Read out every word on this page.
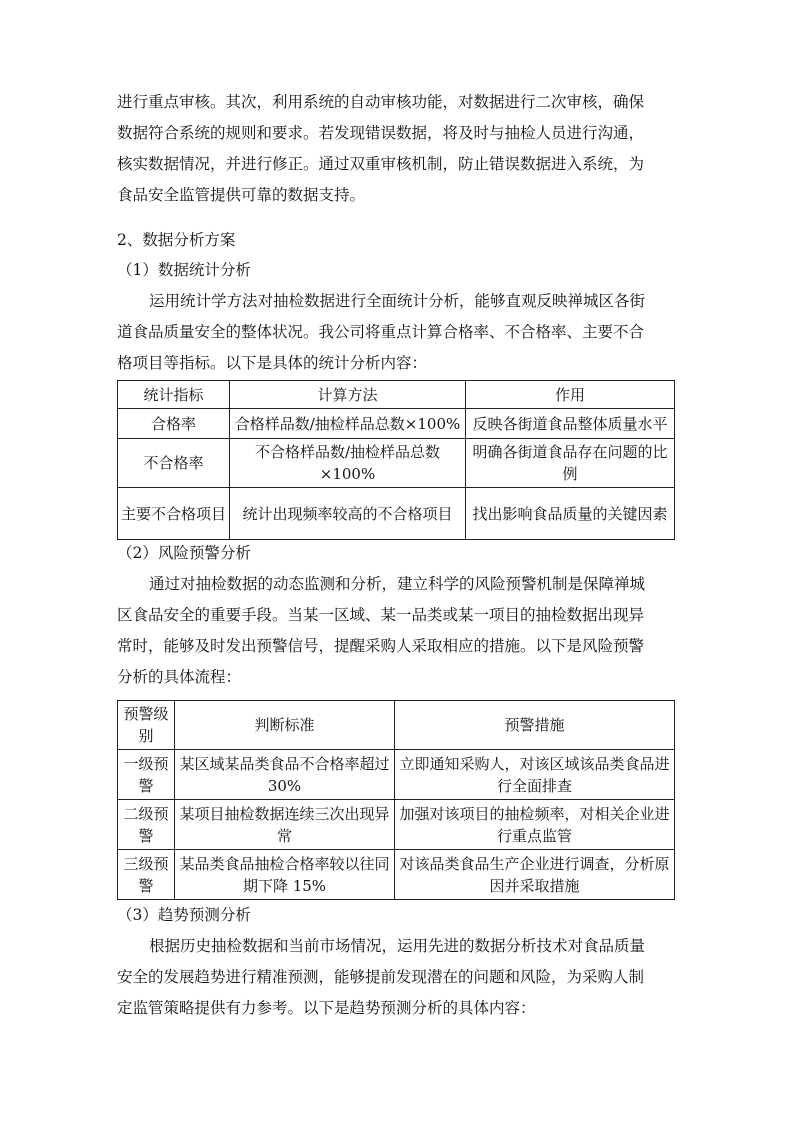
进行重点审核。其次，利用系统的自动审核功能，对数据进行二次审核，确保
数据符合系统的规则和要求。若发现错误数据，将及时与抽检人员进行沟通，
核实数据情况，并进行修正。通过双重审核机制，防止错误数据进入系统，为
食品安全监管提供可靠的数据支持。
2、数据分析方案
（1）数据统计分析
运用统计学方法对抽检数据进行全面统计分析，能够直观反映禅城区各街
道食品质量安全的整体状况。我公司将重点计算合格率、不合格率、主要不合
格项目等指标。以下是具体的统计分析内容：
统计指标	计算方法	作用
合格率	合格样品数/抽检样品总数×100%	反映各街道食品整体质量水平
不合格率	不合格样品数/抽检样品总数×100%	明确各街道食品存在问题的比例
主要不合格项目	统计出现频率较高的不合格项目	找出影响食品质量的关键因素
（2）风险预警分析
通过对抽检数据的动态监测和分析，建立科学的风险预警机制是保障禅城
区食品安全的重要手段。当某一区域、某一品类或某一项目的抽检数据出现异
常时，能够及时发出预警信号，提醒采购人采取相应的措施。以下是风险预警
分析的具体流程：
预警级别	判断标准	预警措施
一级预警	某区域某品类食品不合格率超过 30%	立即通知采购人，对该区域该品类食品进行全面排查
二级预警	某项目抽检数据连续三次出现异常	加强对该项目的抽检频率，对相关企业进行重点监管
三级预警	某品类食品抽检合格率较以往同期下降 15%	对该品类食品生产企业进行调查，分析原因并采取措施
（3）趋势预测分析
根据历史抽检数据和当前市场情况，运用先进的数据分析技术对食品质量
安全的发展趋势进行精准预测，能够提前发现潜在的问题和风险，为采购人制
定监管策略提供有力参考。以下是趋势预测分析的具体内容：
